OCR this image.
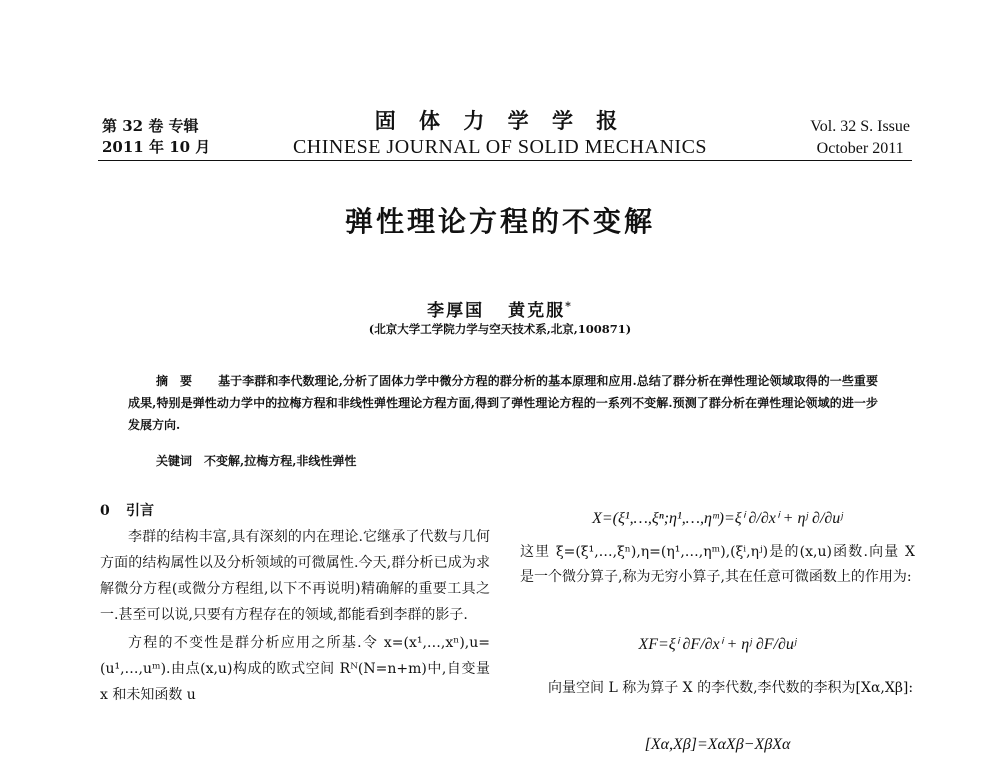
第 32 卷 专辑
2011 年 10 月
固 体 力 学 学 报
CHINESE JOURNAL OF SOLID MECHANICS
Vol. 32 S. Issue
October 2011
弹性理论方程的不变解
李厚国 黄克服*
(北京大学工学院力学与空天技术系,北京,100871)
摘要 基于李群和李代数理论,分析了固体力学中微分方程的群分析的基本原理和应用.总结了群分析在弹性理论领域取得的一些重要成果,特别是弹性动力学中的拉梅方程和非线性弹性理论方程方面,得到了弹性理论方程的一系列不变解.预测了群分析在弹性理论领域的进一步发展方向.
关键词 不变解,拉梅方程,非线性弹性
0 引言

李群的结构丰富,具有深刻的内在理论.它继承了代数与几何方面的结构属性以及分析领域的可微属性.今天,群分析已成为求解微分方程(或微分方程组,以下不再说明)精确解的重要工具之一.甚至可以说,只要有方程存在的领域,都能看到李群的影子.

方程的不变性是群分析应用之所基.令 x=(x¹,…,xⁿ),u=(u¹,…,uᵐ).由点(x,u)构成的欧式空间 Rᴺ(N=n+m)中,自变量 x 和未知函数 u

X=(ξ¹,…,ξⁿ;η¹,…,ηᵐ)=ξⁱ ∂/∂xⁱ + ηʲ ∂/∂uʲ
这里 ξ=(ξ¹,…,ξⁿ),η=(η¹,…,ηᵐ),(ξⁱ,ηʲ)是的(x,u)函数.向量 X 是一个微分算子,称为无穷小算子,其在任意可微函数上的作用为:
XF=ξⁱ ∂F/∂xⁱ + ηʲ ∂F/∂uʲ
向量空间 L 称为算子 X 的李代数,李代数的李积为[Xα,Xβ]:
[Xα,Xβ]=XαXβ−XβXα
